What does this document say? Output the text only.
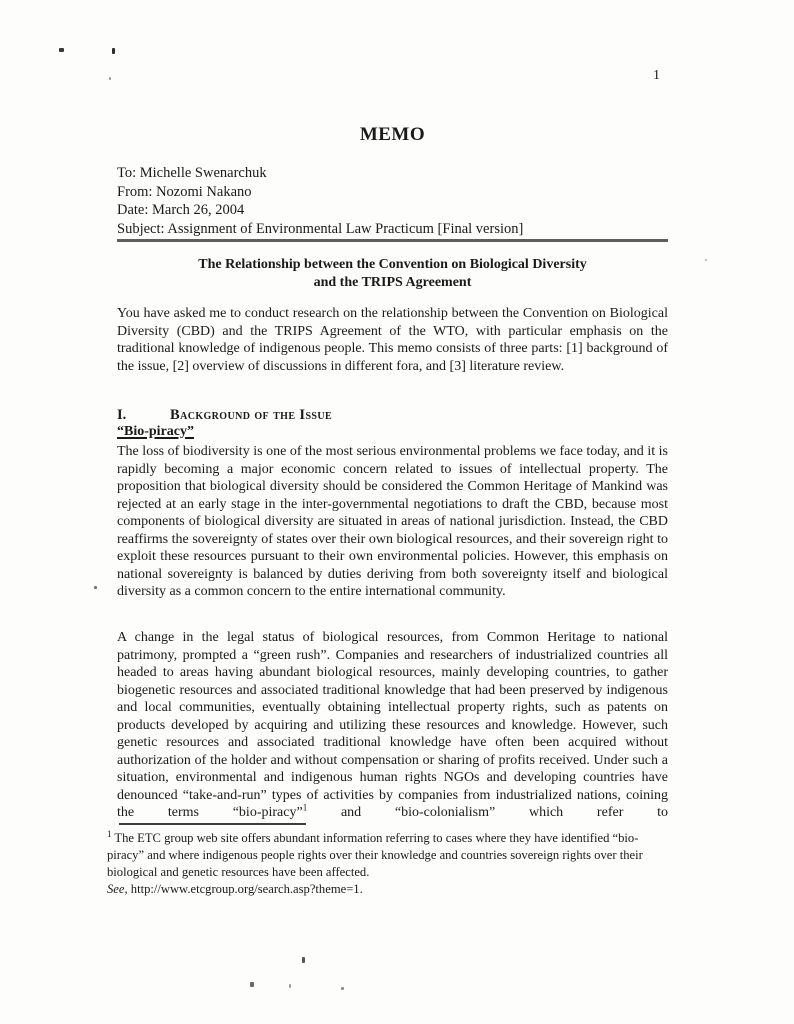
1
MEMO
To: Michelle Swenarchuk
From: Nozomi Nakano
Date: March 26, 2004
Subject: Assignment of Environmental Law Practicum [Final version]
The Relationship between the Convention on Biological Diversity
and the TRIPS Agreement

You have asked me to conduct research on the relationship between the Convention on Biological Diversity (CBD) and the TRIPS Agreement of the WTO, with particular emphasis on the traditional knowledge of indigenous people. This memo consists of three parts: [1] background of the issue, [2] overview of discussions in different fora, and [3] literature review.

I.	Background of the Issue
“Bio-piracy”

The loss of biodiversity is one of the most serious environmental problems we face today, and it is rapidly becoming a major economic concern related to issues of intellectual property. The proposition that biological diversity should be considered the Common Heritage of Mankind was rejected at an early stage in the inter-governmental negotiations to draft the CBD, because most components of biological diversity are situated in areas of national jurisdiction. Instead, the CBD reaffirms the sovereignty of states over their own biological resources, and their sovereign right to exploit these resources pursuant to their own environmental policies. However, this emphasis on national sovereignty is balanced by duties deriving from both sovereignty itself and biological diversity as a common concern to the entire international community.

A change in the legal status of biological resources, from Common Heritage to national patrimony, prompted a “green rush”. Companies and researchers of industrialized countries all headed to areas having abundant biological resources, mainly developing countries, to gather biogenetic resources and associated traditional knowledge that had been preserved by indigenous and local communities, eventually obtaining intellectual property rights, such as patents on products developed by acquiring and utilizing these resources and knowledge. However, such genetic resources and associated traditional knowledge have often been acquired without authorization of the holder and without compensation or sharing of profits received. Under such a situation, environmental and indigenous human rights NGOs and developing countries have denounced “take-and-run” types of activities by companies from industrialized nations, coining the terms “bio-piracy”$^1$ and “bio-colonialism” which refer to

$^1$ The ETC group web site offers abundant information referring to cases where they have identified “bio-piracy” and where indigenous people rights over their knowledge and countries sovereign rights over their biological and genetic resources have been affected.
See, http://www.etcgroup.org/search.asp?theme=1.
